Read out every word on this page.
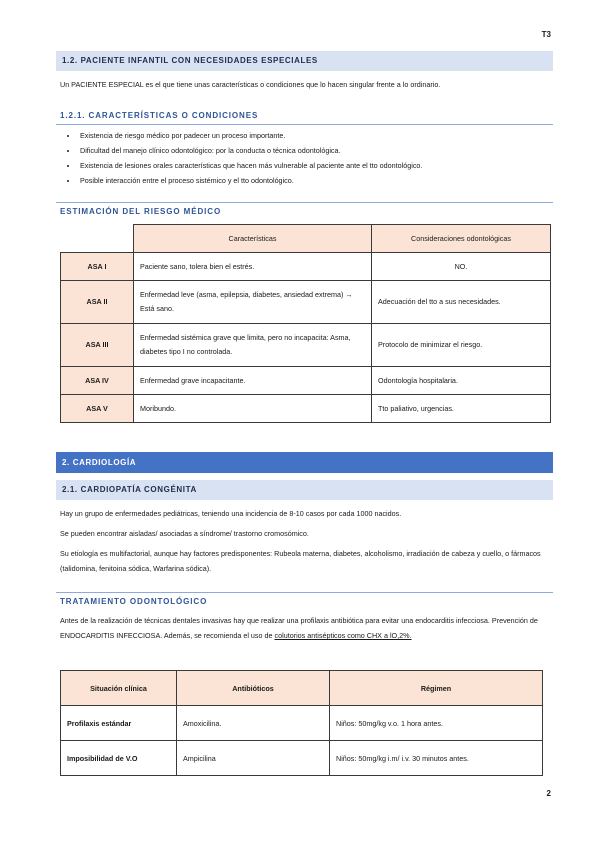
T3
1.2. PACIENTE INFANTIL CON NECESIDADES ESPECIALES
Un PACIENTE ESPECIAL es el que tiene unas características o condiciones que lo hacen singular frente a lo ordinario.
1.2.1. CARACTERÍSTICAS O CONDICIONES
• Existencia de riesgo médico por padecer un proceso importante.
• Dificultad del manejo clínico odontológico: por la conducta o técnica odontológica.
• Existencia de lesiones orales características que hacen más vulnerable al paciente ante el tto odontológico.
• Posible interacción entre el proceso sistémico y el tto odontológico.
ESTIMACIÓN DEL RIESGO MÉDICO
	Características	Consideraciones odontológicas
ASA I	Paciente sano, tolera bien el estrés.	NO.
ASA II	Enfermedad leve (asma, epilepsia, diabetes, ansiedad extrema) → Está sano.	Adecuación del tto a sus necesidades.
ASA III	Enfermedad sistémica grave que limita, pero no incapacita: Asma, diabetes tipo I no controlada.	Protocolo de minimizar el riesgo.
ASA IV	Enfermedad grave incapacitante.	Odontología hospitalaria.
ASA V	Moribundo.	Tto paliativo, urgencias.
2. CARDIOLOGÍA
2.1. CARDIOPATÍA CONGÉNITA
Hay un grupo de enfermedades pediátricas, teniendo una incidencia de 8-10 casos por cada 1000 nacidos.
Se pueden encontrar aisladas/ asociadas a síndrome/ trastorno cromosómico.
Su etiología es multifactorial, aunque hay factores predisponentes: Rubeola materna, diabetes, alcoholismo, irradiación de cabeza y cuello, o fármacos (talidomina, fenitoina sódica, Warfarina sódica).
TRATAMIENTO ODONTOLÓGICO
Antes de la realización de técnicas dentales invasivas hay que realizar una profilaxis antibiótica para evitar una endocarditis infecciosa. Prevención de ENDOCARDITIS INFECCIOSA. Además, se recomienda el uso de colutorios antisépticos como CHX a lO,2%.
Situación clínica	Antibióticos	Régimen
Profilaxis estándar	Amoxicilina.	Niños: 50mg/kg v.o. 1 hora antes.
Imposibilidad de V.O	Ampicilina	Niños: 50mg/kg i.m/ i.v. 30 minutos antes.
2
